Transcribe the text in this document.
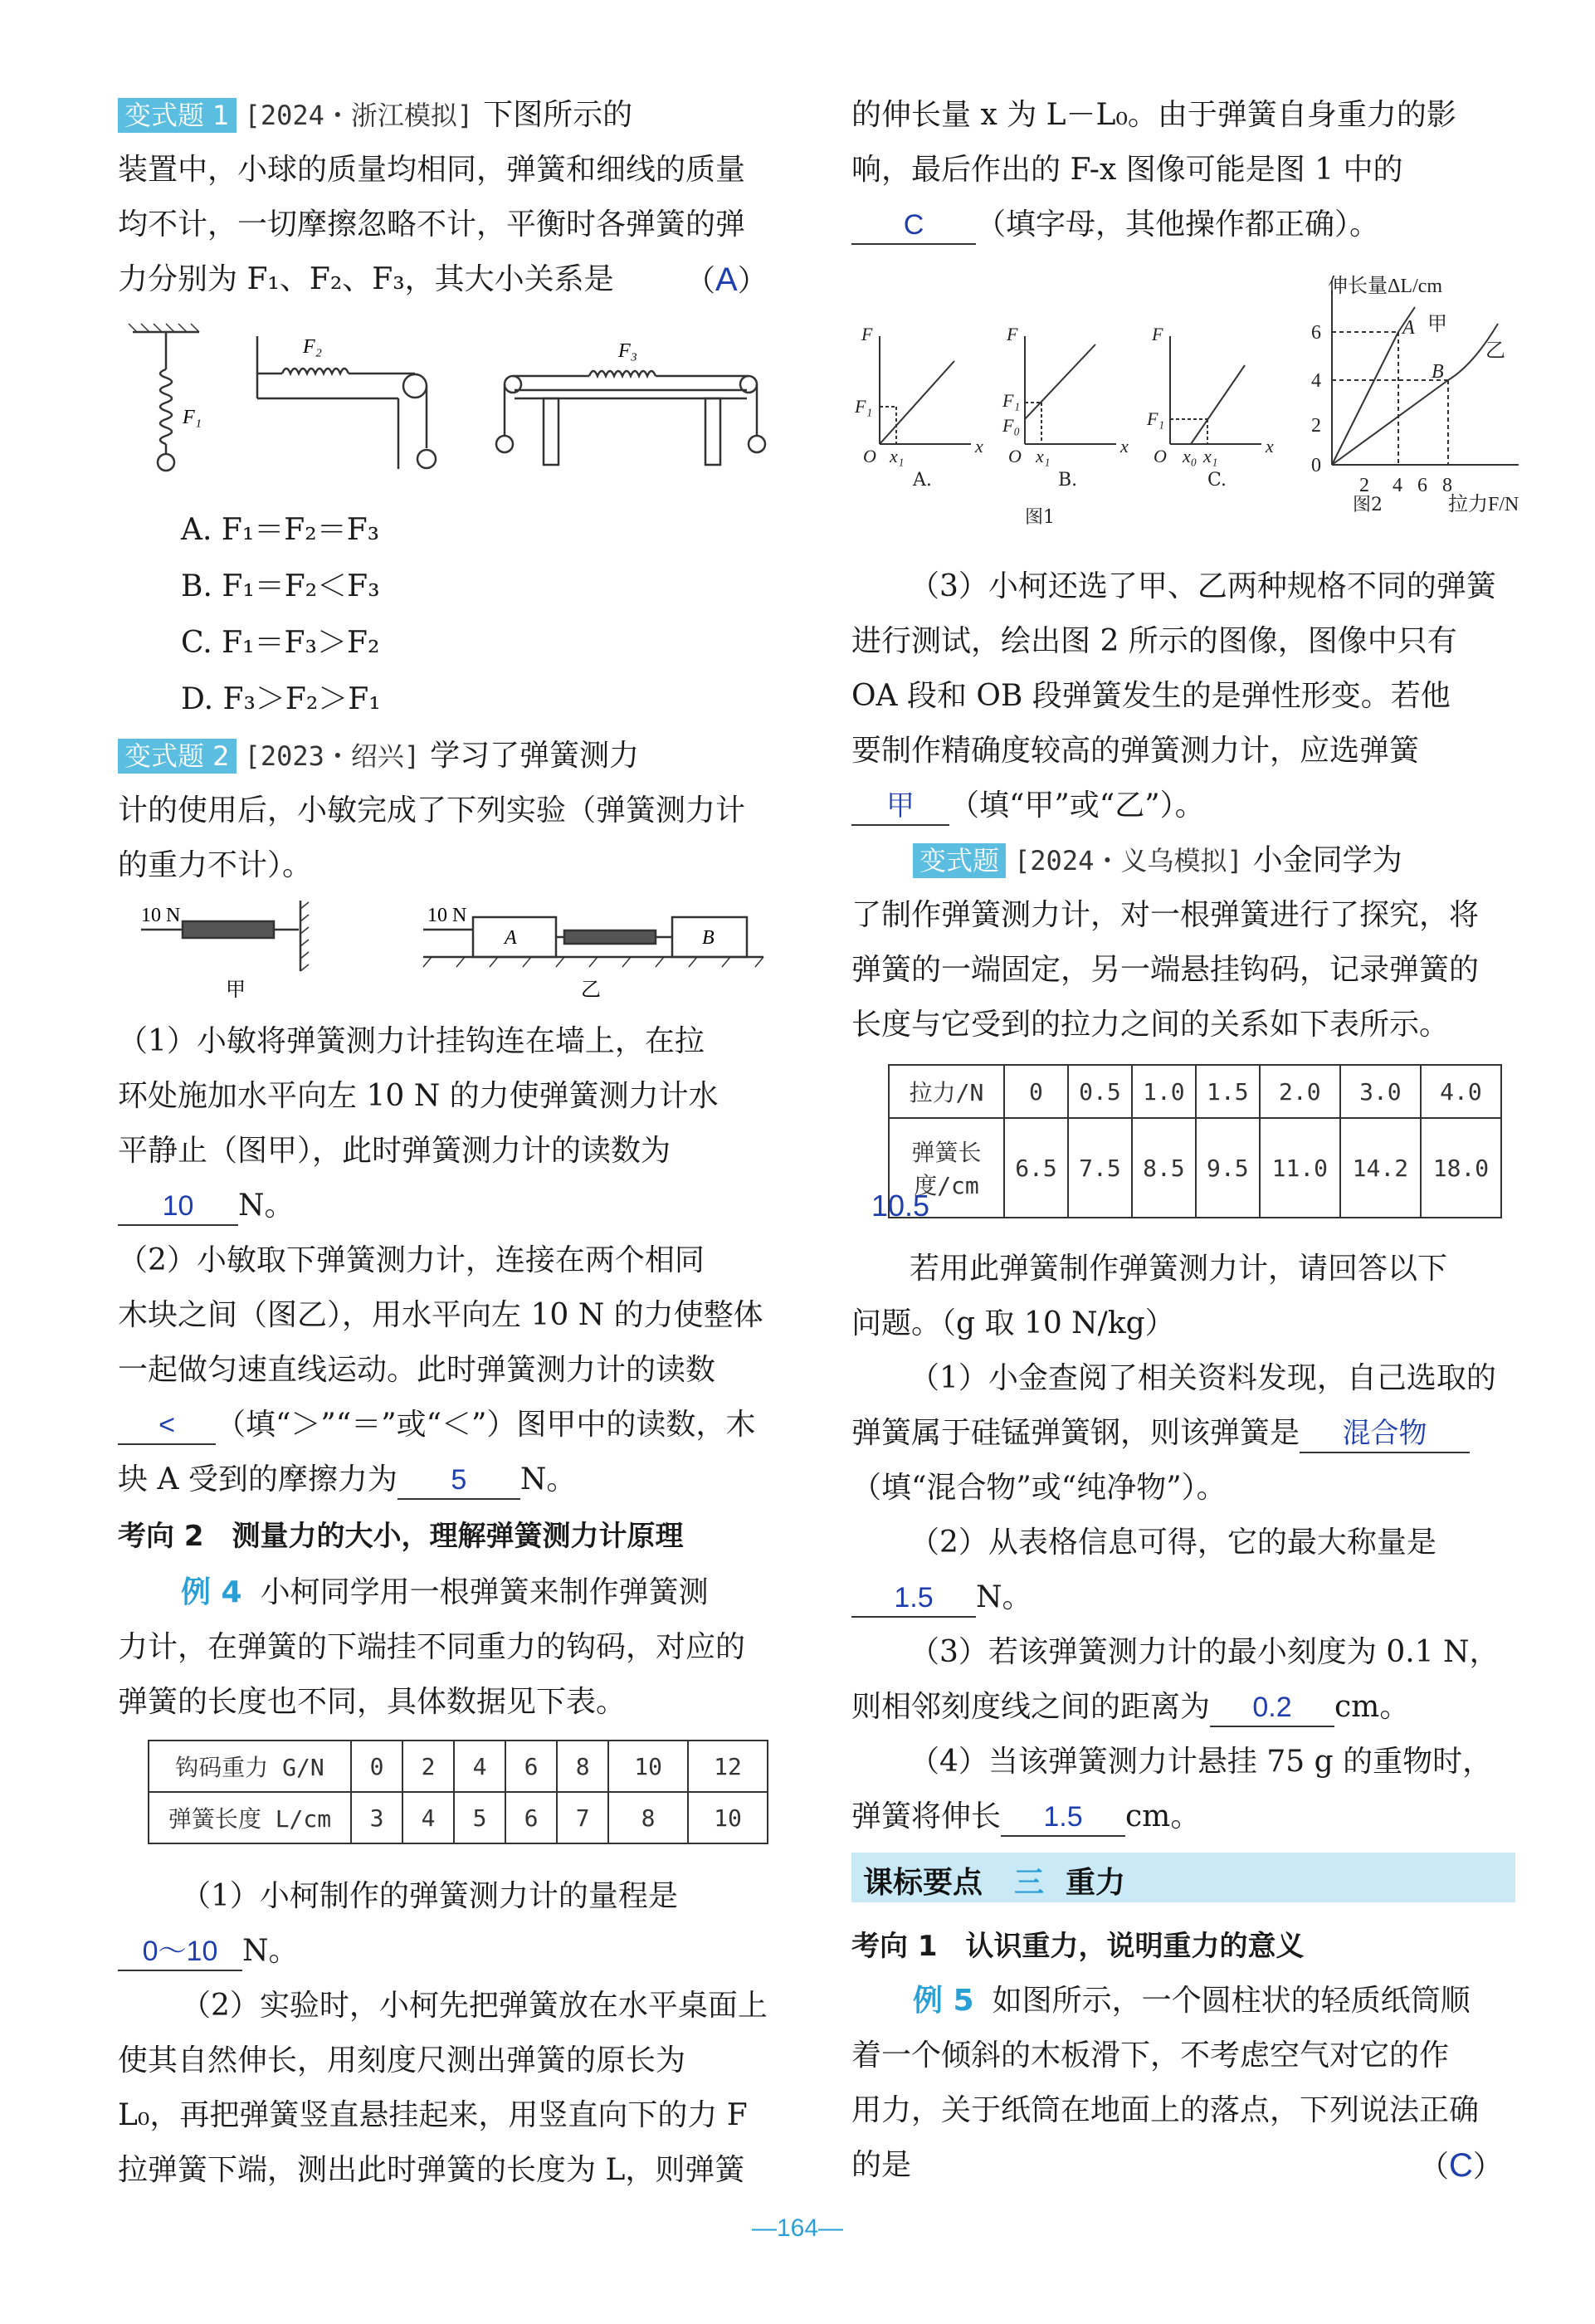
变式题 1 [2024・浙江模拟] 下图所示的
装置中，小球的质量均相同，弹簧和细线的质量
均不计，一切摩擦忽略不计，平衡时各弹簧的弹
力分别为 F₁、F₂、F₃，其大小关系是 （A）
F₁
F₂	F₃
A. F₁＝F₂＝F₃
B. F₁＝F₂＜F₃
C. F₁＝F₃＞F₂
D. F₃＞F₂＞F₁
变式题 2 [2023・绍兴] 学习了弹簧测力
计的使用后，小敏完成了下列实验（弹簧测力计
的重力不计）。
10 N	10 N
A	B
甲	乙
（1）小敏将弹簧测力计挂钩连在墙上，在拉
环处施加水平向左 10 N 的力使弹簧测力计水
平静止（图甲），此时弹簧测力计的读数为
10 N。
（2）小敏取下弹簧测力计，连接在两个相同
木块之间（图乙），用水平向左 10 N 的力使整体
一起做匀速直线运动。此时弹簧测力计的读数
< （填“＞”“＝”或“＜”）图甲中的读数，木
块 A 受到的摩擦力为 5 N。
考向 2　测量力的大小，理解弹簧测力计原理
例 4 小柯同学用一根弹簧来制作弹簧测
力计，在弹簧的下端挂不同重力的钩码，对应的
弹簧的长度也不同，具体数据见下表。
钩码重力 G/N	0	2	4	6	8	10	12
弹簧长度 L/cm	3	4	5	6	7	8	10
（1）小柯制作的弹簧测力计的量程是
0～10 N。
（2）实验时，小柯先把弹簧放在水平桌面上
使其自然伸长，用刻度尺测出弹簧的原长为
L₀，再把弹簧竖直悬挂起来，用竖直向下的力 F
拉弹簧下端，测出此时弹簧的长度为 L，则弹簧
的伸长量 x 为 L－L₀。由于弹簧自身重力的影
响，最后作出的 F-x 图像可能是图 1 中的
C （填字母，其他操作都正确）。
F
x
O
F₁
x₁
F
x
O
F₁
F₀
x₁
F
x
O
F₁
x₀ x₁
A.	B.	C.
图1
伸长量ΔL/cm
拉力F/N
6
4
2
0
2 4 6 8
A 甲
B
乙
图2
（3）小柯还选了甲、乙两种规格不同的弹簧
进行测试，绘出图 2 所示的图像，图像中只有
OA 段和 OB 段弹簧发生的是弹性形变。若他
要制作精确度较高的弹簧测力计，应选弹簧
甲 （填“甲”或“乙”）。
变式题 [2024・义乌模拟] 小金同学为
了制作弹簧测力计，对一根弹簧进行了探究，将
弹簧的一端固定，另一端悬挂钩码，记录弹簧的
长度与它受到的拉力之间的关系如下表所示。
拉力/N	0	0.5	1.0	1.5	2.0	3.0	4.0

弹簧长
度/cm	6.5	7.5	8.5	9.5	11.0	14.2	18.0
10.5
若用此弹簧制作弹簧测力计，请回答以下
问题。（g 取 10 N/kg）
（1）小金查阅了相关资料发现，自己选取的
弹簧属于硅锰弹簧钢，则该弹簧是 混合物
（填“混合物”或“纯净物”）。
（2）从表格信息可得，它的最大称量是
1.5 N。
（3）若该弹簧测力计的最小刻度为 0.1 N，
则相邻刻度线之间的距离为 0.2 cm。
（4）当该弹簧测力计悬挂 75 g 的重物时，
弹簧将伸长 1.5 cm。
课标要点 三 重力
考向 1　认识重力，说明重力的意义
例 5 如图所示，一个圆柱状的轻质纸筒顺
着一个倾斜的木板滑下，不考虑空气对它的作
用力，关于纸筒在地面上的落点，下列说法正确
的是	（C）
—164—
